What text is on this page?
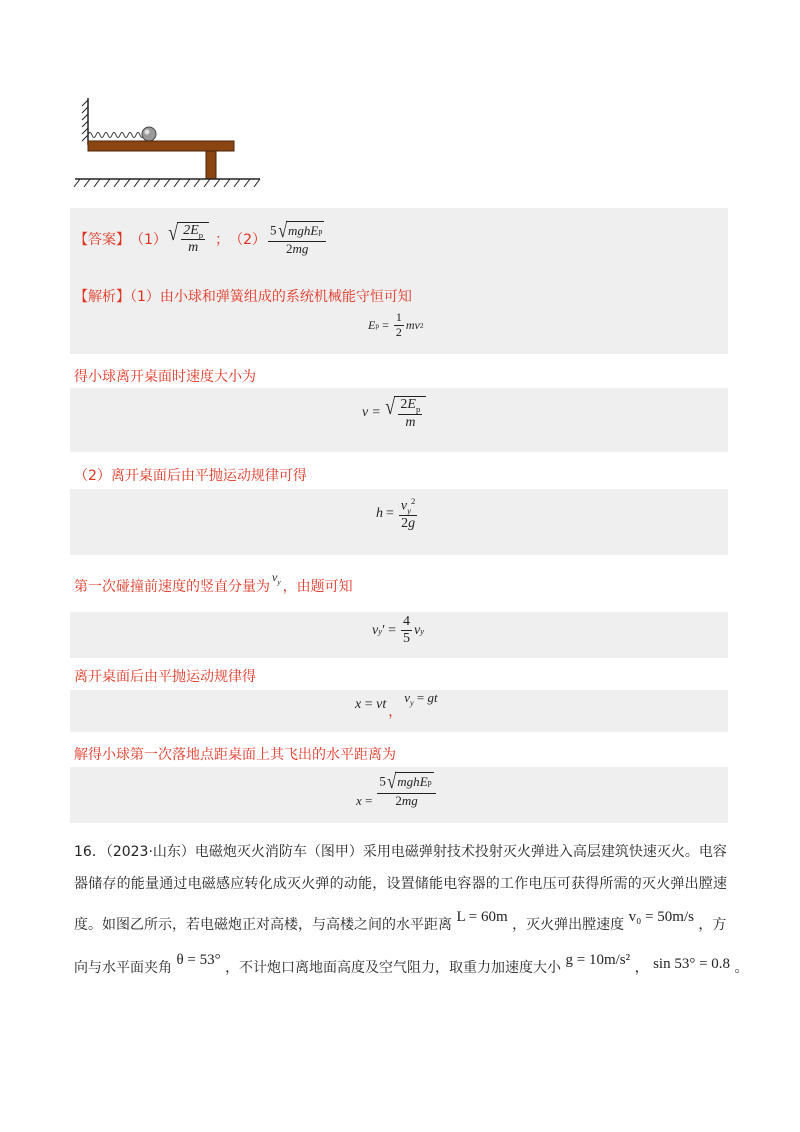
【答案】 （1） √ $\frac{2E_p}{m}$ ； $(2) \frac{\text{5 √ mgh E p}}{2mg}$
【解析】（1）由小球和弹簧组成的系统机械能守恒可知
E $p = \frac{1}{2}$ mv 2
得小球离开桌面时速度大小为
v = √ $\frac{2E_p}{m}$
（2）离开桌面后由平抛运动规律可得
$h = \frac{v_y^2}{2g}$
第一次碰撞前速度的竖直分量为
$v_y$ ，由题可知
v y ′ = $\frac{4}{5}$ v y
离开桌面后由平抛运动规律得
x = vt ，
$v_y$ = gt
解得小球第一次落地点距桌面上其飞出的水平距离为
$x = \frac{\text{5 √ mgh E p}}{2mg}$
16．（2023·山东）电磁炮灭火消防车（图甲）采用电磁弹射技术投射灭火弹进入高层建筑快速灭火。电容
器储存的能量通过电磁感应转化成灭火弹的动能，设置储能电容器的工作电压可获得所需的灭火弹出膛速
度。如图乙所示，若电磁炮正对高楼，与高楼之间的水平距离 L = 60m ，灭火弹出膛速度 v₀ = 50m/s ，方
向与水平面夹角 θ = 53° ，不计炮口离地面高度及空气阻力，取重力加速度大小 g = 10m/s² ， sin 53° = 0.8 。
